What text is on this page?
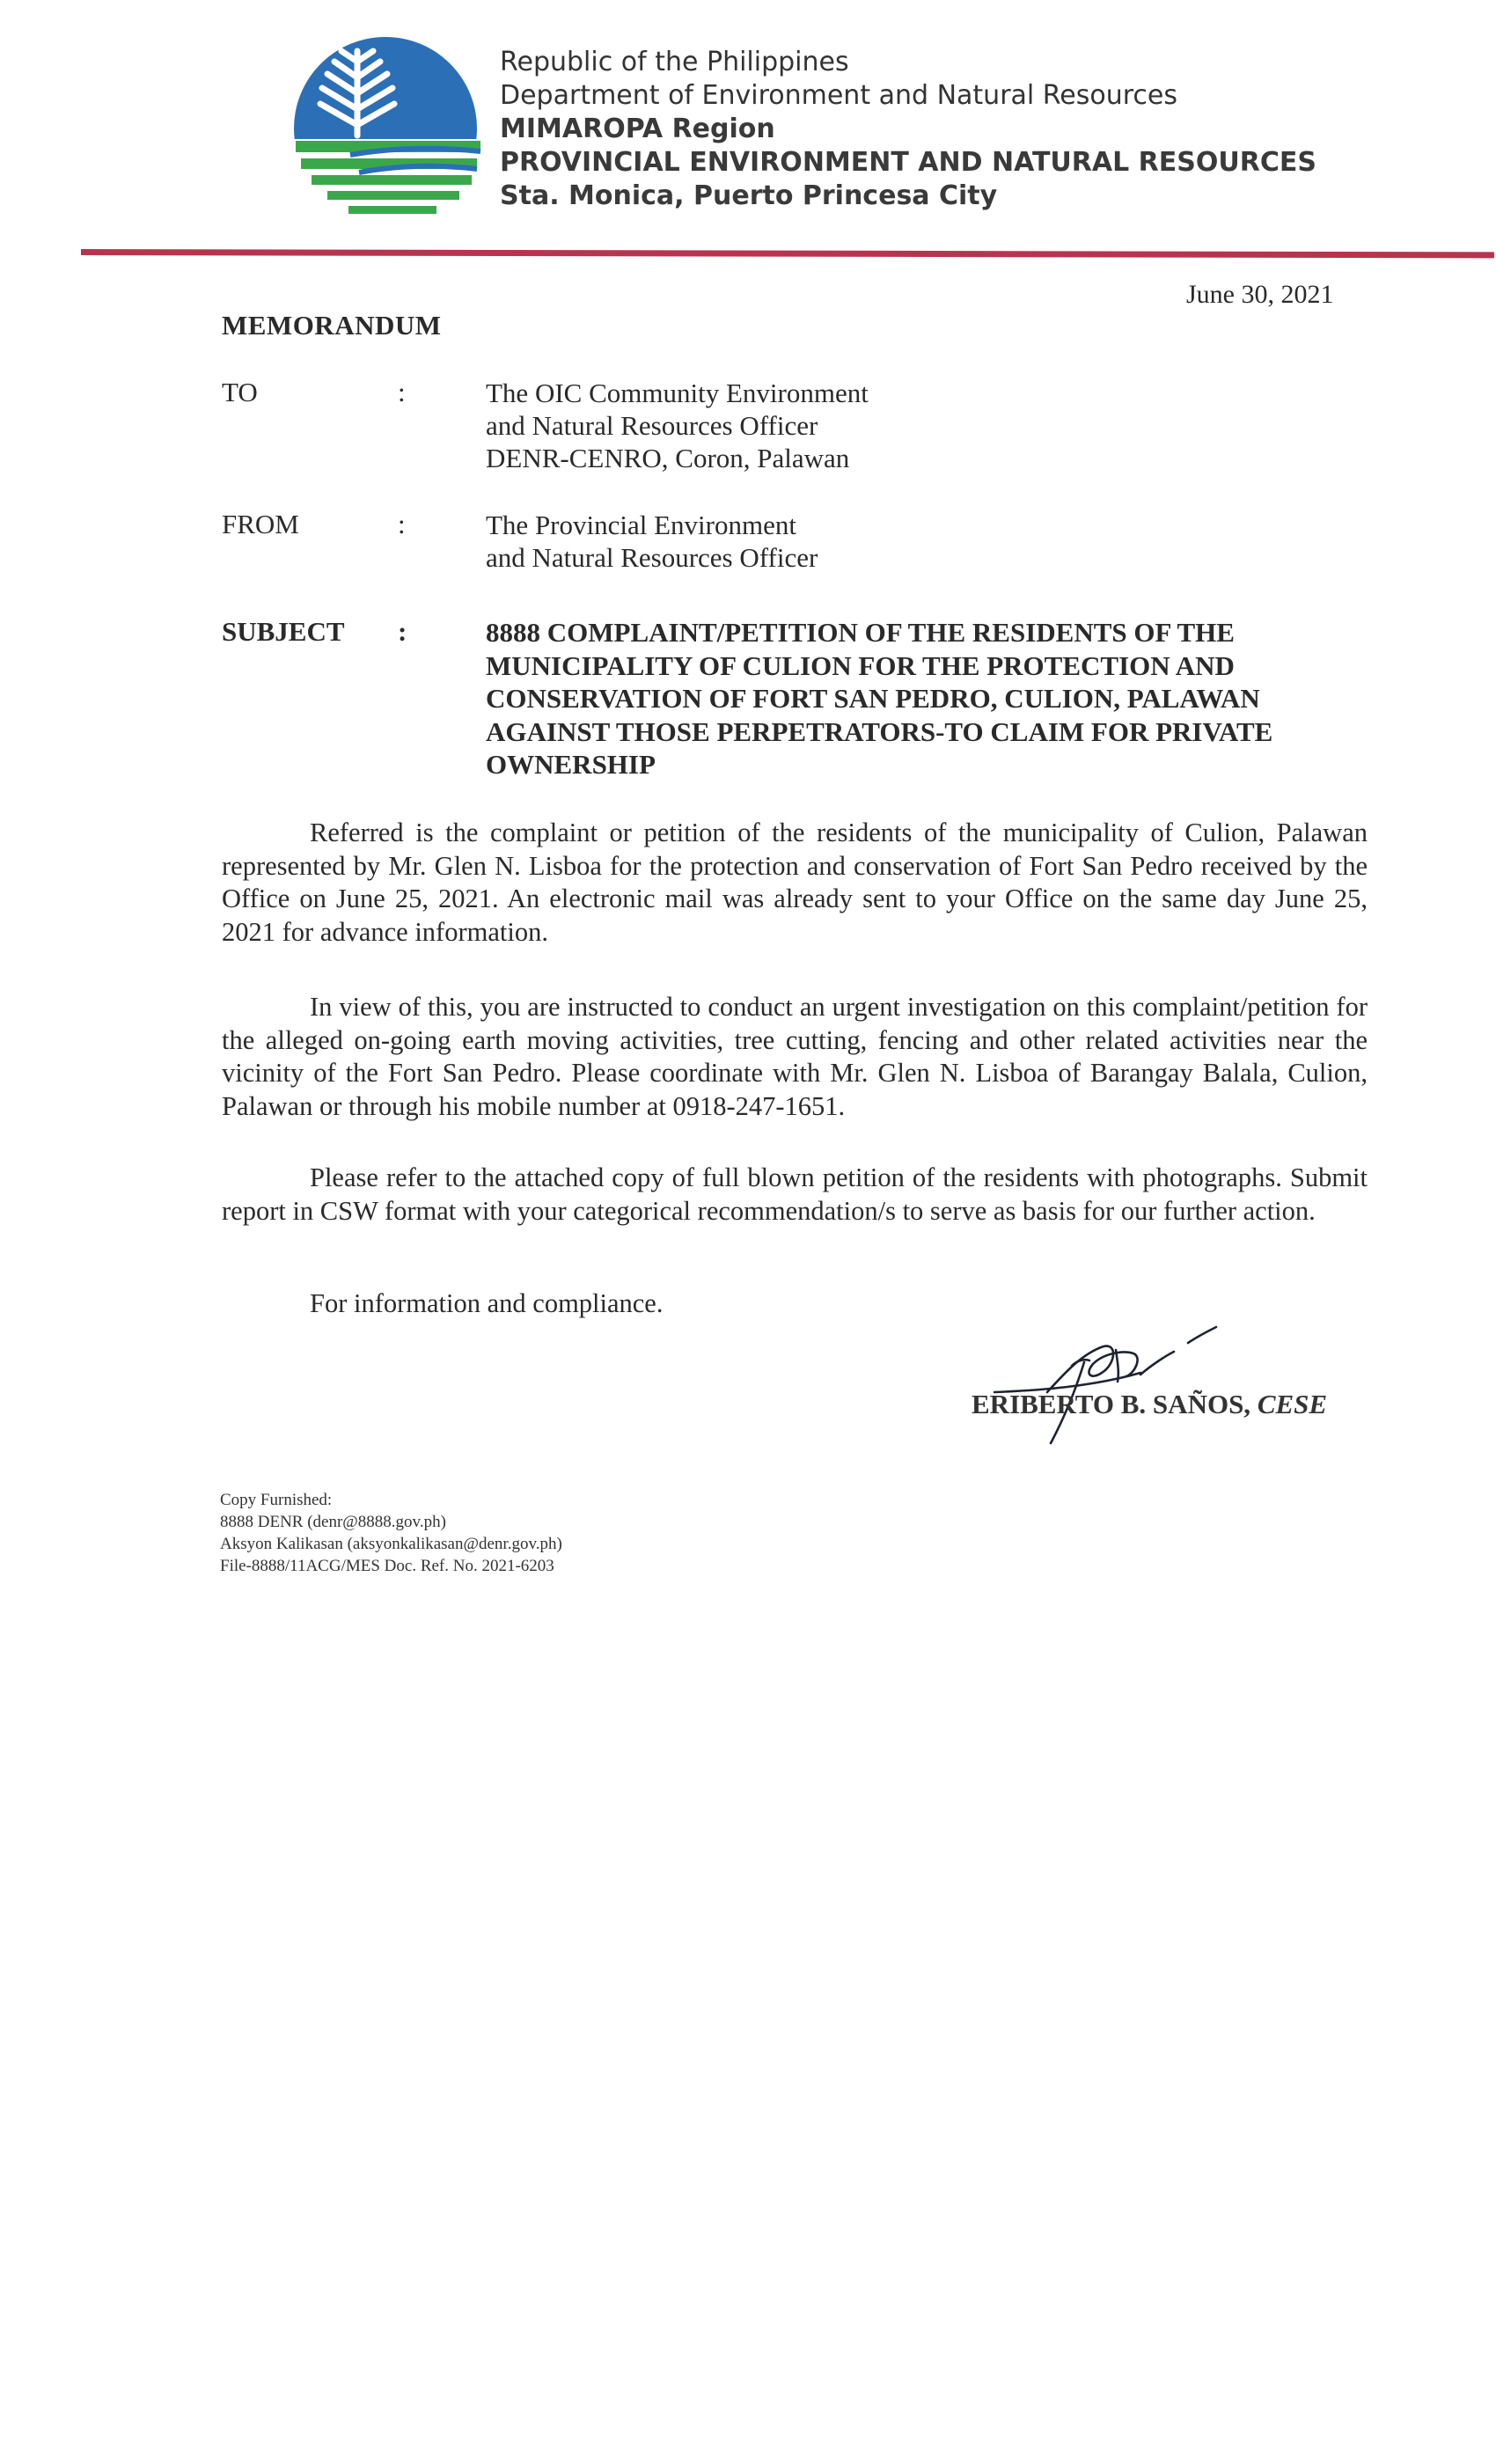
Republic of the Philippines
Department of Environment and Natural Resources
MIMAROPA Region
PROVINCIAL ENVIRONMENT AND NATURAL RESOURCES
Sta. Monica, Puerto Princesa City
June 30, 2021
MEMORANDUM
TO	:	The OIC Community Environment
and Natural Resources Officer
DENR-CENRO, Coron, Palawan
FROM	:	The Provincial Environment
and Natural Resources Officer
SUBJECT :	8888 COMPLAINT/PETITION OF THE RESIDENTS OF THE MUNICIPALITY OF CULION FOR THE PROTECTION AND CONSERVATION OF FORT SAN PEDRO, CULION, PALAWAN AGAINST THOSE PERPETRATORS-TO CLAIM FOR PRIVATE OWNERSHIP
Referred is the complaint or petition of the residents of the municipality of Culion, Palawan represented by Mr. Glen N. Lisboa for the protection and conservation of Fort San Pedro received by the Office on June 25, 2021. An electronic mail was already sent to your Office on the same day June 25, 2021 for advance information.
In view of this, you are instructed to conduct an urgent investigation on this complaint/petition for the alleged on-going earth moving activities, tree cutting, fencing and other related activities near the vicinity of the Fort San Pedro. Please coordinate with Mr. Glen N. Lisboa of Barangay Balala, Culion, Palawan or through his mobile number at 0918-247-1651.
Please refer to the attached copy of full blown petition of the residents with photographs. Submit report in CSW format with your categorical recommendation/s to serve as basis for our further action.
For information and compliance.
ERIBERTO B. SAÑOS, CESE
Copy Furnished:
8888 DENR (denr@8888.gov.ph)
Aksyon Kalikasan (aksyonkalikasan@denr.gov.ph)
File-8888/11ACG/MES Doc. Ref. No. 2021-6203
